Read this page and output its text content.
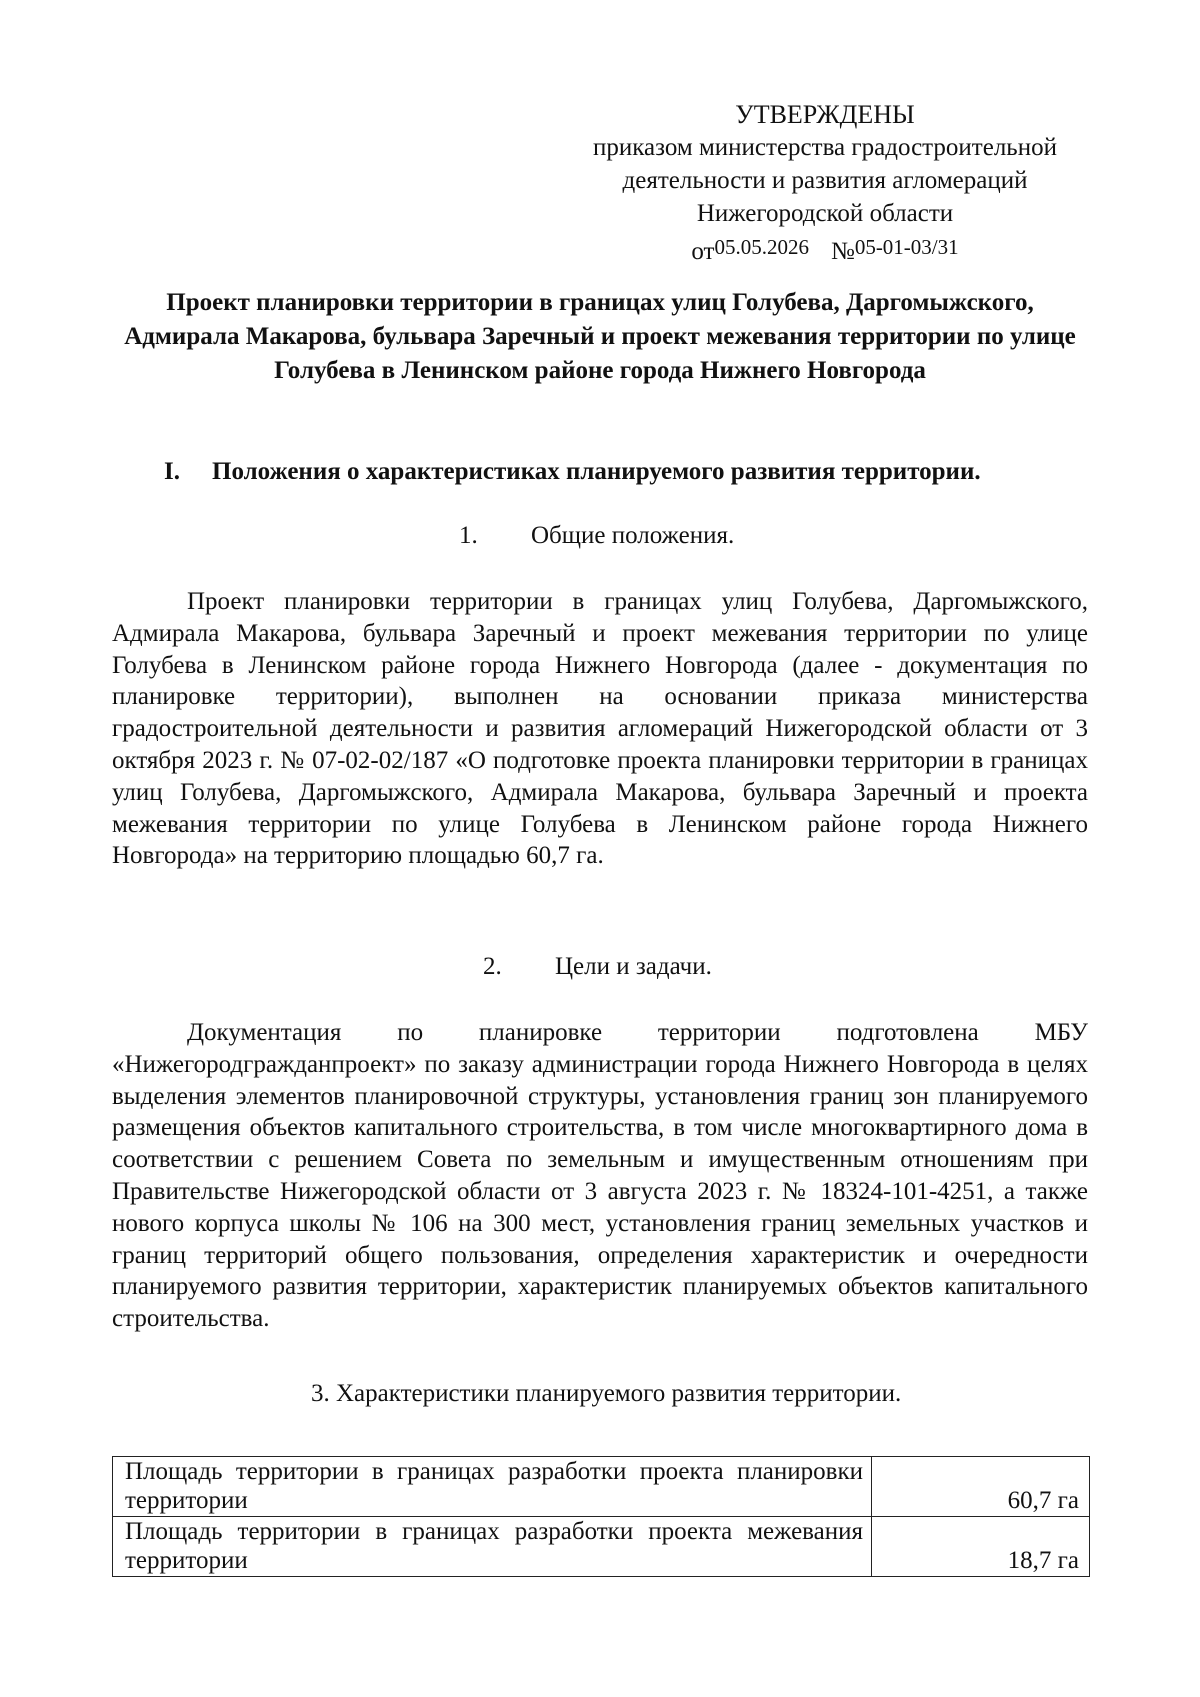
УТВЕРЖДЕНЫ
приказом министерства градостроительной
деятельности и развития агломераций
Нижегородской области
$от^{05.05.2026}$ №$^{05-01-03/31}$
Проект планировки территории в границах улиц Голубева, Даргомыжского, Адмирала Макарова, бульвара Заречный и проект межевания территории по улице Голубева в Ленинском районе города Нижнего Новгорода
I. Положения о характеристиках планируемого развития территории.
1. Общие положения.

Проект планировки территории в границах улиц Голубева, Даргомыжского, Адмирала Макарова, бульвара Заречный и проект межевания территории по улице Голубева в Ленинском районе города Нижнего Новгорода (далее - документация по планировке территории), выполнен на основании приказа министерства градостроительной деятельности и развития агломераций Нижегородской области от 3 октября 2023 г. № 07-02-02/187 «О подготовке проекта планировки территории в границах улиц Голубева, Даргомыжского, Адмирала Макарова, бульвара Заречный и проекта межевания территории по улице Голубева в Ленинском районе города Нижнего Новгорода» на территорию площадью 60,7 га.

2. Цели и задачи.

Документация по планировке территории подготовлена МБУ «Нижегородгражданпроект» по заказу администрации города Нижнего Новгорода в целях выделения элементов планировочной структуры, установления границ зон планируемого размещения объектов капитального строительства, в том числе многоквартирного дома в соответствии с решением Совета по земельным и имущественным отношениям при Правительстве Нижегородской области от 3 августа 2023 г. № 18324-101-4251, а также нового корпуса школы № 106 на 300 мест, установления границ земельных участков и границ территорий общего пользования, определения характеристик и очередности планируемого развития территории, характеристик планируемых объектов капитального строительства.

3. Характеристики планируемого развития территории.
Площадь территории в границах разработки проекта планировки территории	60,7 га
Площадь территории в границах разработки проекта межевания территории	18,7 га
